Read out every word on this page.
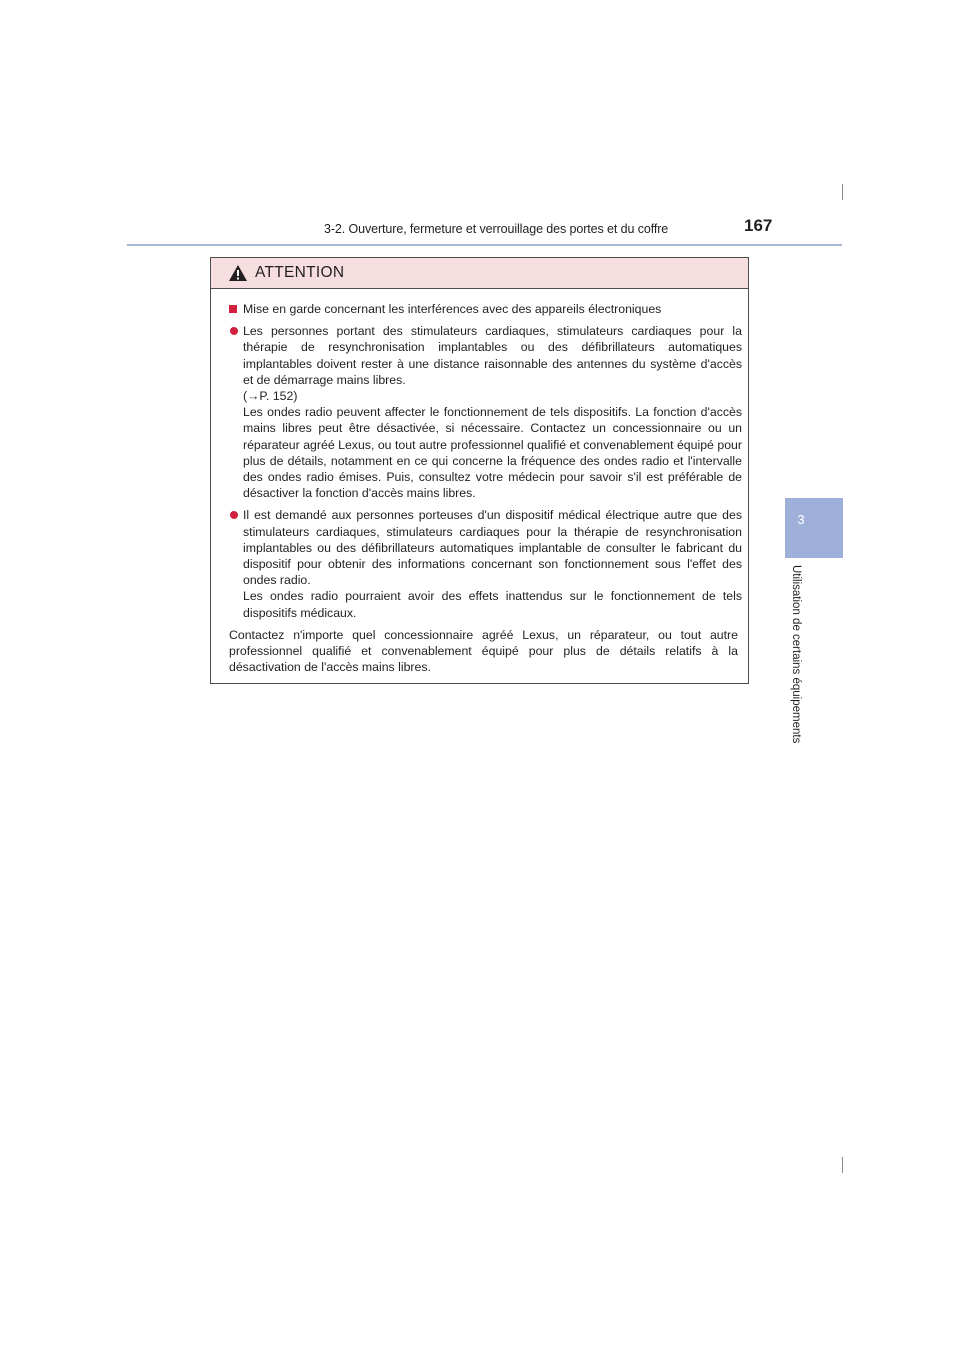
3-2. Ouverture, fermeture et verrouillage des portes et du coffre	167
3
Utilisation de certains équipements
ATTENTION
Mise en garde concernant les interférences avec des appareils électroniques

Les personnes portant des stimulateurs cardiaques, stimulateurs cardiaques pour la thérapie de resynchronisation implantables ou des défibrillateurs automatiques implantables doivent rester à une distance raisonnable des antennes du système d'accès et de démarrage mains libres.

(→P. 152)

Les ondes radio peuvent affecter le fonctionnement de tels dispositifs. La fonction d'accès mains libres peut être désactivée, si nécessaire. Contactez un concessionnaire ou un réparateur agréé Lexus, ou tout autre professionnel qualifié et convenablement équipé pour plus de détails, notamment en ce qui concerne la fréquence des ondes radio et l'intervalle des ondes radio émises. Puis, consultez votre médecin pour savoir s'il est préférable de désactiver la fonction d'accès mains libres.

Il est demandé aux personnes porteuses d'un dispositif médical électrique autre que des stimulateurs cardiaques, stimulateurs cardiaques pour la thérapie de resynchronisation implantables ou des défibrillateurs automatiques implantable de consulter le fabricant du dispositif pour obtenir des informations concernant son fonctionnement sous l'effet des ondes radio.

Les ondes radio pourraient avoir des effets inattendus sur le fonctionnement de tels dispositifs médicaux.

Contactez n'importe quel concessionnaire agréé Lexus, un réparateur, ou tout autre professionnel qualifié et convenablement équipé pour plus de détails relatifs à la désactivation de l'accès mains libres.
